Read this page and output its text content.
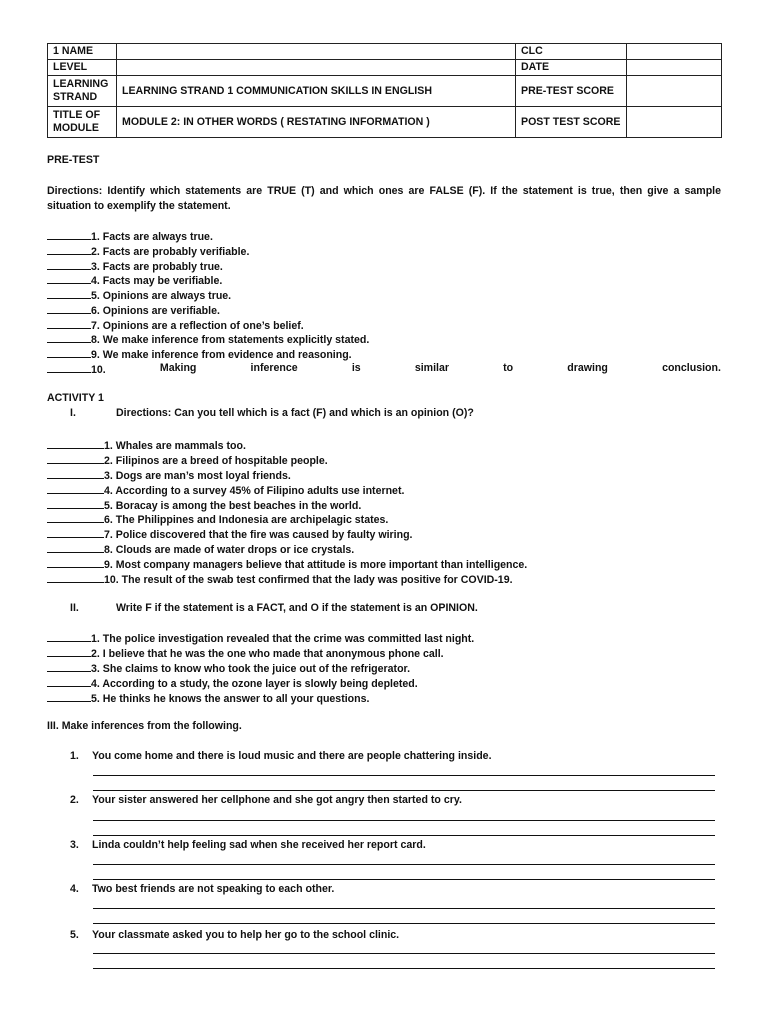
1 NAME		CLC	
LEVEL		DATE	
LEARNING STRAND	LEARNING STRAND 1 COMMUNICATION SKILLS IN ENGLISH	PRE-TEST SCORE	
TITLE OF MODULE	MODULE 2: IN OTHER WORDS ( RESTATING INFORMATION )	POST TEST SCORE	
PRE-TEST
Directions: Identify which statements are TRUE (T) and which ones are FALSE (F). If the statement is true, then give a sample situation to exemplify the statement.
1. Facts are always true.
2. Facts are probably verifiable.
3. Facts are probably true.
4. Facts may be verifiable.
5. Opinions are always true.
6. Opinions are verifiable.
7. Opinions are a reflection of one’s belief.
8. We make inference from statements explicitly stated.
9. We make inference from evidence and reasoning.
10.	Making	inference	is	similar	to	drawing	conclusion.
ACTIVITY 1
I.	Directions: Can you tell which is a fact (F) and which is an opinion (O)?
1. Whales are mammals too.
2. Filipinos are a breed of hospitable people.
3. Dogs are man’s most loyal friends.
4. According to a survey 45% of Filipino adults use internet.
5. Boracay is among the best beaches in the world.
6. The Philippines and Indonesia are archipelagic states.
7. Police discovered that the fire was caused by faulty wiring.
8. Clouds are made of water drops or ice crystals.
9. Most company managers believe that attitude is more important than intelligence.
10. The result of the swab test confirmed that the lady was positive for COVID-19.
II.	Write F if the statement is a FACT, and O if the statement is an OPINION.
1. The police investigation revealed that the crime was committed last night.
2. I believe that he was the one who made that anonymous phone call.
3. She claims to know who took the juice out of the refrigerator.
4. According to a study, the ozone layer is slowly being depleted.
5. He thinks he knows the answer to all your questions.
III. Make inferences from the following.
1. You come home and there is loud music and there are people chattering inside.
2. Your sister answered her cellphone and she got angry then started to cry.
3. Linda couldn’t help feeling sad when she received her report card.
4. Two best friends are not speaking to each other.
5. Your classmate asked you to help her go to the school clinic.
